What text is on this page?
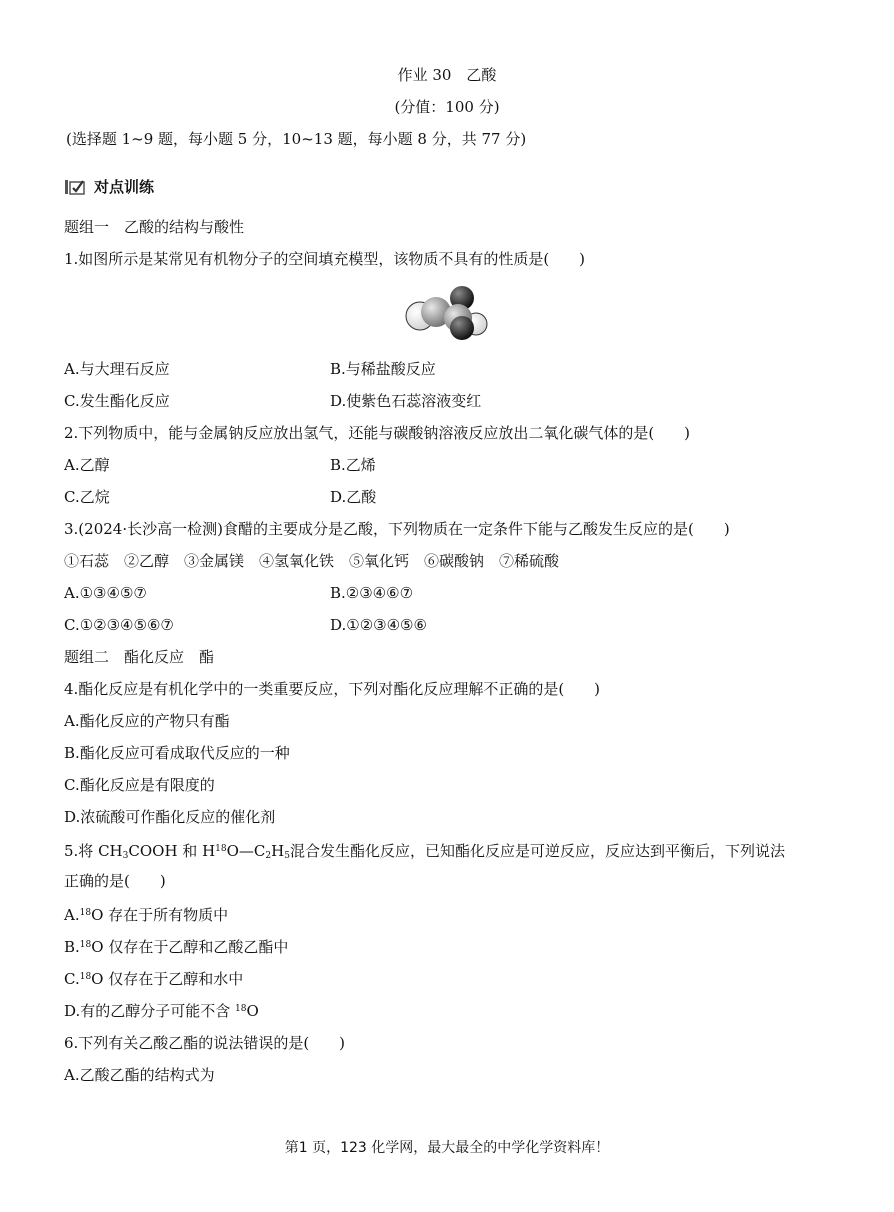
作业 30　乙酸
(分值：100 分)
(选择题 1~9 题，每小题 5 分，10~13 题，每小题 8 分，共 77 分)
对点训练
题组一　乙酸的结构与酸性
1.如图所示是某常见有机物分子的空间填充模型，该物质不具有的性质是(　　)
A.与大理石反应	B.与稀盐酸反应
C.发生酯化反应	D.使紫色石蕊溶液变红
2.下列物质中，能与金属钠反应放出氢气，还能与碳酸钠溶液反应放出二氧化碳气体的是(　　)
A.乙醇	B.乙烯
C.乙烷	D.乙酸
3.(2024·长沙高一检测)食醋的主要成分是乙酸，下列物质在一定条件下能与乙酸发生反应的是(　　)
①石蕊　②乙醇　③金属镁　④氢氧化铁　⑤氧化钙　⑥碳酸钠　⑦稀硫酸
A.①③④⑤⑦	B.②③④⑥⑦
C.①②③④⑤⑥⑦	D.①②③④⑤⑥
题组二　酯化反应　酯
4.酯化反应是有机化学中的一类重要反应，下列对酯化反应理解不正确的是(　　)
A.酯化反应的产物只有酯
B.酯化反应可看成取代反应的一种
C.酯化反应是有限度的
D.浓硫酸可作酯化反应的催化剂
5.将 $CH_3COOH$ 和 $H^{18}O—C_2H_5$混合发生酯化反应，已知酯化反应是可逆反应，反应达到平衡后，下列说法
正确的是(　　)
A.$^{18}$O 存在于所有物质中
B.$^{18}$O 仅存在于乙醇和乙酸乙酯中
C.$^{18}$O 仅存在于乙醇和水中
D.有的乙醇分子可能不含 $^{18}$O
6.下列有关乙酸乙酯的说法错误的是(　　)
A.乙酸乙酯的结构式为
第1 页，123 化学网，最大最全的中学化学资料库！
